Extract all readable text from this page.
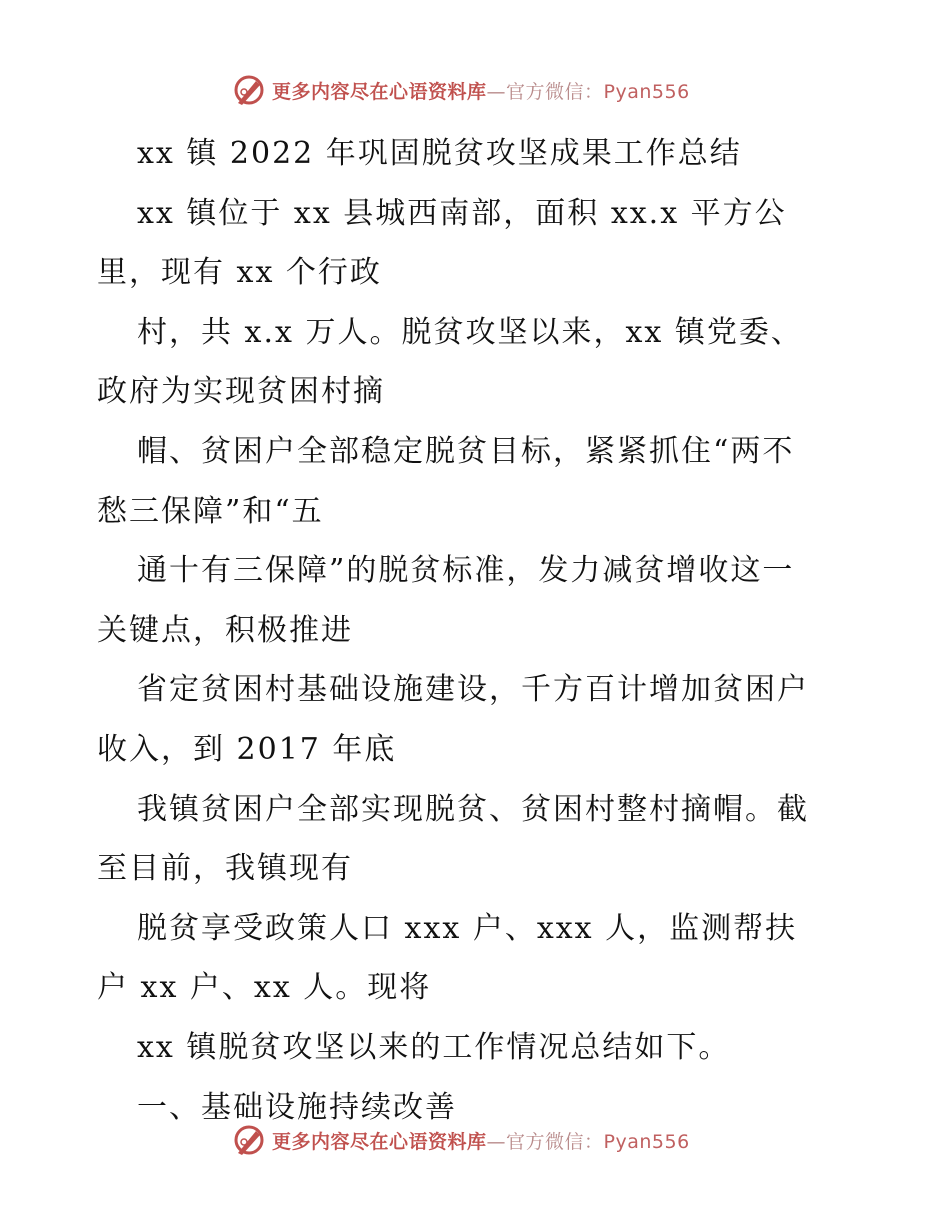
更多内容尽在心语资料库—官方微信：Pyan556
xx 镇 2022 年巩固脱贫攻坚成果工作总结
xx 镇位于 xx 县城西南部，面积 xx.x 平方公
里，现有 xx 个行政
村，共 x.x 万人。脱贫攻坚以来，xx 镇党委、
政府为实现贫困村摘
帽、贫困户全部稳定脱贫目标，紧紧抓住“两不
愁三保障”和“五
通十有三保障”的脱贫标准，发力减贫增收这一
关键点，积极推进
省定贫困村基础设施建设，千方百计增加贫困户
收入，到 2017 年底
我镇贫困户全部实现脱贫、贫困村整村摘帽。截
至目前，我镇现有
脱贫享受政策人口 xxx 户、xxx 人，监测帮扶
户 xx 户、xx 人。现将
xx 镇脱贫攻坚以来的工作情况总结如下。
一、基础设施持续改善
更多内容尽在心语资料库—官方微信：Pyan556
